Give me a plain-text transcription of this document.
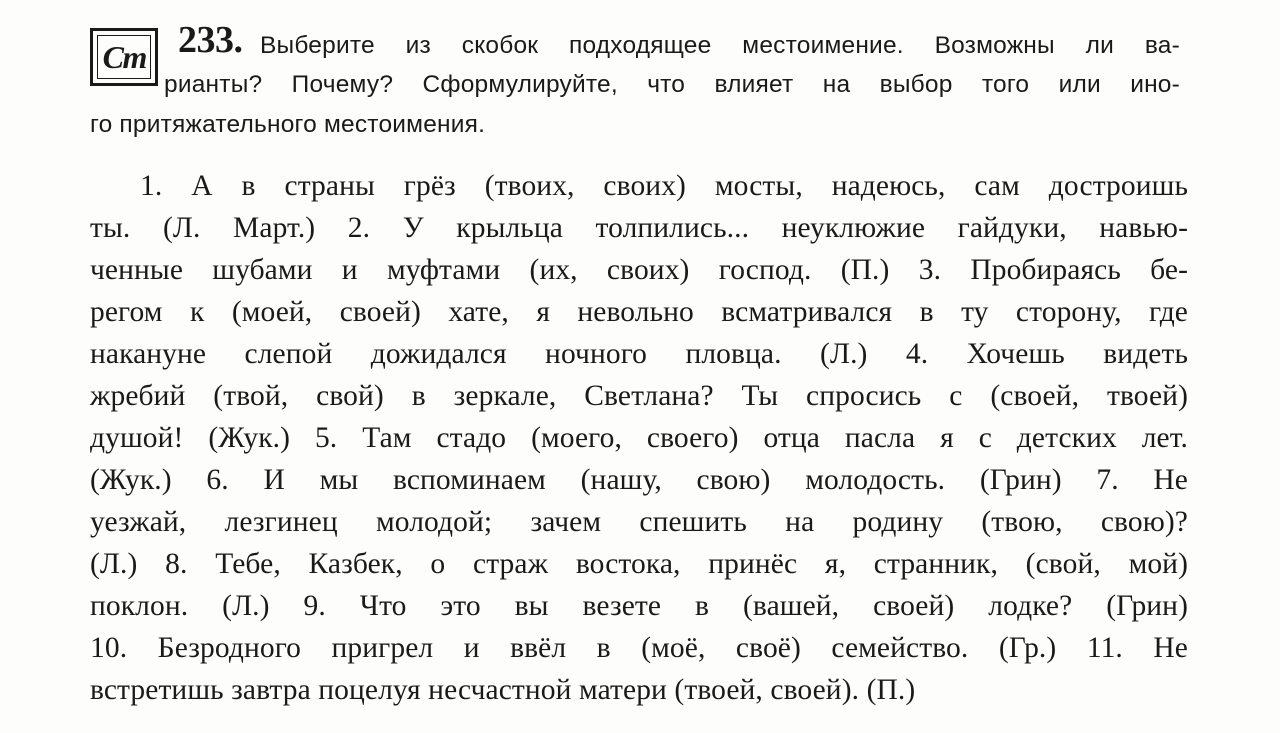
Ст 233. Выберите из скобок подходящее местоимение. Возможны ли ва-
рианты? Почему? Сформулируйте, что влияет на выбор того или ино-
го притяжательного местоимения.
1. А в страны грёз (твоих, своих) мосты, надеюсь, сам достроишь
ты. (Л. Март.) 2. У крыльца толпились... неуклюжие гайдуки, навью-
ченные шубами и муфтами (их, своих) господ. (П.) 3. Пробираясь бе-
регом к (моей, своей) хате, я невольно всматривался в ту сторону, где
накануне слепой дожидался ночного пловца. (Л.) 4. Хочешь видеть
жребий (твой, свой) в зеркале, Светлана? Ты спросись с (своей, твоей)
душой! (Жук.) 5. Там стадо (моего, своего) отца пасла я с детских лет.
(Жук.) 6. И мы вспоминаем (нашу, свою) молодость. (Грин) 7. Не
уезжай, лезгинец молодой; зачем спешить на родину (твою, свою)?
(Л.) 8. Тебе, Казбек, о страж востока, принёс я, странник, (свой, мой)
поклон. (Л.) 9. Что это вы везете в (вашей, своей) лодке? (Грин)
10. Безродного пригрел и ввёл в (моё, своё) семейство. (Гр.) 11. Не
встретишь завтра поцелуя несчастной матери (твоей, своей). (П.)
